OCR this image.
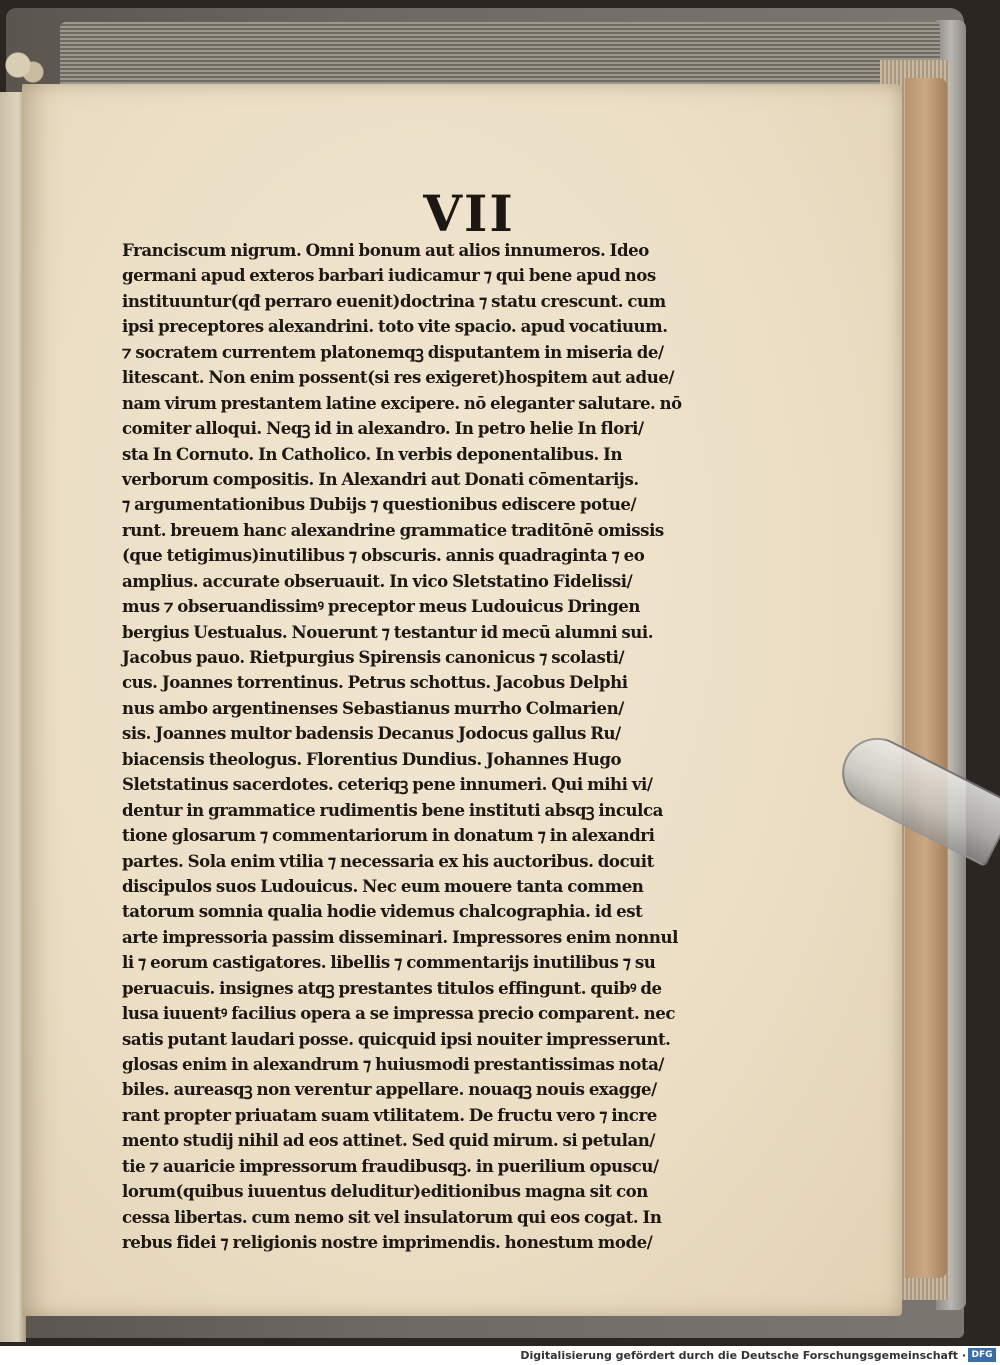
VII
Franciscum nigrum. Omni bonum aut alios innumeros. Ideo
germani apud exteros barbari iudicamur ⁊ qui bene apud nos
instituuntur(qđ perraro euenit)doctrina ⁊ statu crescunt. cum
ipsi preceptores alexandrini. toto vite spacio. apud vocatiuum.
⁊ socratem currentem platonemqꝫ disputantem in miseria de/
litescant. Non enim possent(si res exigeret)hospitem aut adue/
nam virum prestantem latine excipere. nō eleganter salutare. nō
comiter alloqui. Neqꝫ id in alexandro. In petro helie In flori/
sta In Cornuto. In Catholico. In verbis deponentalibus. In
verborum compositis. In Alexandri aut Donati cōmentarijs.
⁊ argumentationibus Dubijs ⁊ questionibus ediscere potue/
runt. breuem hanc alexandrine grammatice traditōnē omissis
(que tetigimus)inutilibus ⁊ obscuris. annis quadraginta ⁊ eo
amplius. accurate obseruauit. In vico Sletstatino Fidelissi/
mus ⁊ obseruandissimꝰ preceptor meus Ludouicus Dringen
bergius Uestualus. Nouerunt ⁊ testantur id mecū alumni sui.
Jacobus pauo. Rietpurgius Spirensis canonicus ⁊ scolasti/
cus. Joannes torrentinus. Petrus schottus. Jacobus Delphi
nus ambo argentinenses Sebastianus murrho Colmarien/
sis. Joannes multor badensis Decanus Jodocus gallus Ru/
biacensis theologus. Florentius Dundius. Johannes Hugo
Sletstatinus sacerdotes. ceteriqꝫ pene innumeri. Qui mihi vi/
dentur in grammatice rudimentis bene instituti absqꝫ inculca
tione glosarum ⁊ commentariorum in donatum ⁊ in alexandri
partes. Sola enim vtilia ⁊ necessaria ex his auctoribus. docuit
discipulos suos Ludouicus. Nec eum mouere tanta commen
tatorum somnia qualia hodie videmus chalcographia. id est
arte impressoria passim disseminari. Impressores enim nonnul
li ⁊ eorum castigatores. libellis ⁊ commentarijs inutilibus ⁊ su
peruacuis. insignes atqꝫ prestantes titulos effingunt. quibꝰ de
lusa iuuentꝰ facilius opera a se impressa precio comparent. nec
satis putant laudari posse. quicquid ipsi nouiter impresserunt.
glosas enim in alexandrum ⁊ huiusmodi prestantissimas nota/
biles. aureasqꝫ non verentur appellare. nouaqꝫ nouis exagge/
rant propter priuatam suam vtilitatem. De fructu vero ⁊ incre
mento studij nihil ad eos attinet. Sed quid mirum. si petulan/
tie ⁊ auaricie impressorum fraudibusqꝫ. in puerilium opuscu/
lorum(quibus iuuentus deluditur)editionibus magna sit con
cessa libertas. cum nemo sit vel insulatorum qui eos cogat. In
rebus fidei ⁊ religionis nostre imprimendis. honestum mode/
Digitalisierung gefördert durch die Deutsche Forschungsgemeinschaft · DFG
